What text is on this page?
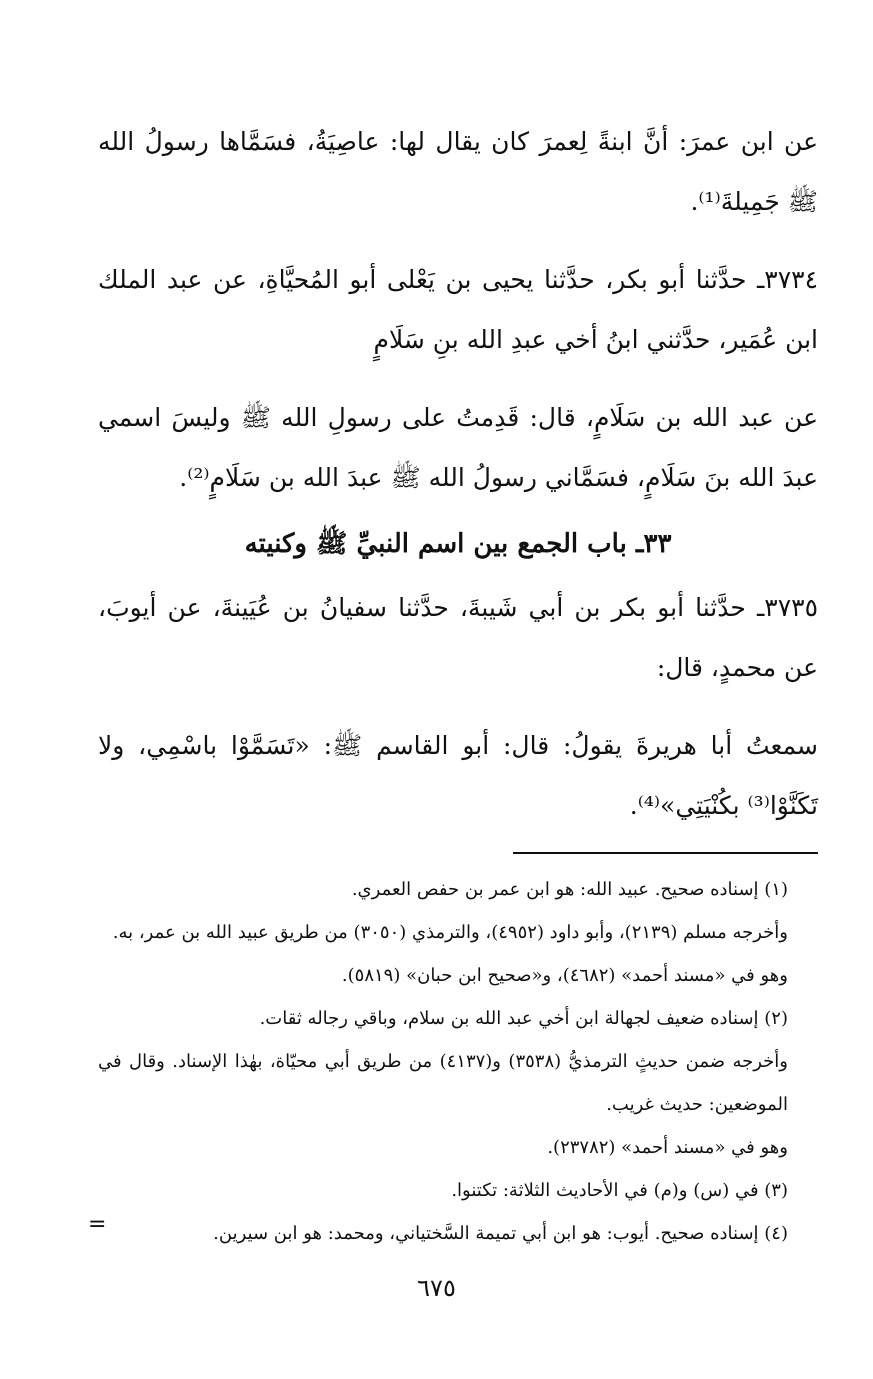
عن ابن عمرَ: أنَّ ابنةً لِعمرَ كان يقال لها: عاصِيَةُ، فسَمَّاها رسولُ الله ﷺ جَمِيلةَ⁽¹⁾.

٣٧٣٤ـ حدَّثنا أبو بكر، حدَّثنا يحيى بن يَعْلى أبو المُحيَّاةِ، عن عبد الملك ابن عُمَير، حدَّثني ابنُ أخي عبدِ الله بنِ سَلَامٍ

عن عبد الله بن سَلَامٍ، قال: قَدِمتُ على رسولِ الله ﷺ وليسَ اسمي عبدَ الله بنَ سَلَامٍ، فسَمَّاني رسولُ الله ﷺ عبدَ الله بن سَلَامٍ⁽²⁾.

٣٣ـ باب الجمع بين اسم النبيِّ ﷺ وكنيته

٣٧٣٥ـ حدَّثنا أبو بكر بن أبي شَيبةَ، حدَّثنا سفيانُ بن عُيَينةَ، عن أيوبَ، عن محمدٍ، قال:

سمعتُ أبا هريرةَ يقولُ: قال: أبو القاسم ﷺ: «تَسَمَّوْا باسْمِي، ولا تَكَنَّوْا⁽³⁾ بكُنْيَتِي»⁽⁴⁾.

(١) إسناده صحيح. عبيد الله: هو ابن عمر بن حفص العمري.

وأخرجه مسلم (٢١٣٩)، وأبو داود (٤٩٥٢)، والترمذي (٣٠٥٠) من طريق عبيد الله بن عمر، به.

وهو في «مسند أحمد» (٤٦٨٢)، و«صحيح ابن حبان» (٥٨١٩).

(٢) إسناده ضعيف لجهالة ابن أخي عبد الله بن سلام، وباقي رجاله ثقات.

وأخرجه ضمن حديثٍ الترمذيُّ (٣٥٣٨) و(٤١٣٧) من طريق أبي محيّاة، بهٰذا الإسناد. وقال في الموضعين: حديث غريب.

وهو في «مسند أحمد» (٢٣٧٨٢).

(٣) في (س) و(م) في الأحاديث الثلاثة: تكتنوا.

(٤) إسناده صحيح. أيوب: هو ابن أبي تميمة السَّختياني، ومحمد: هو ابن سيرين.

=
٦٧٥
